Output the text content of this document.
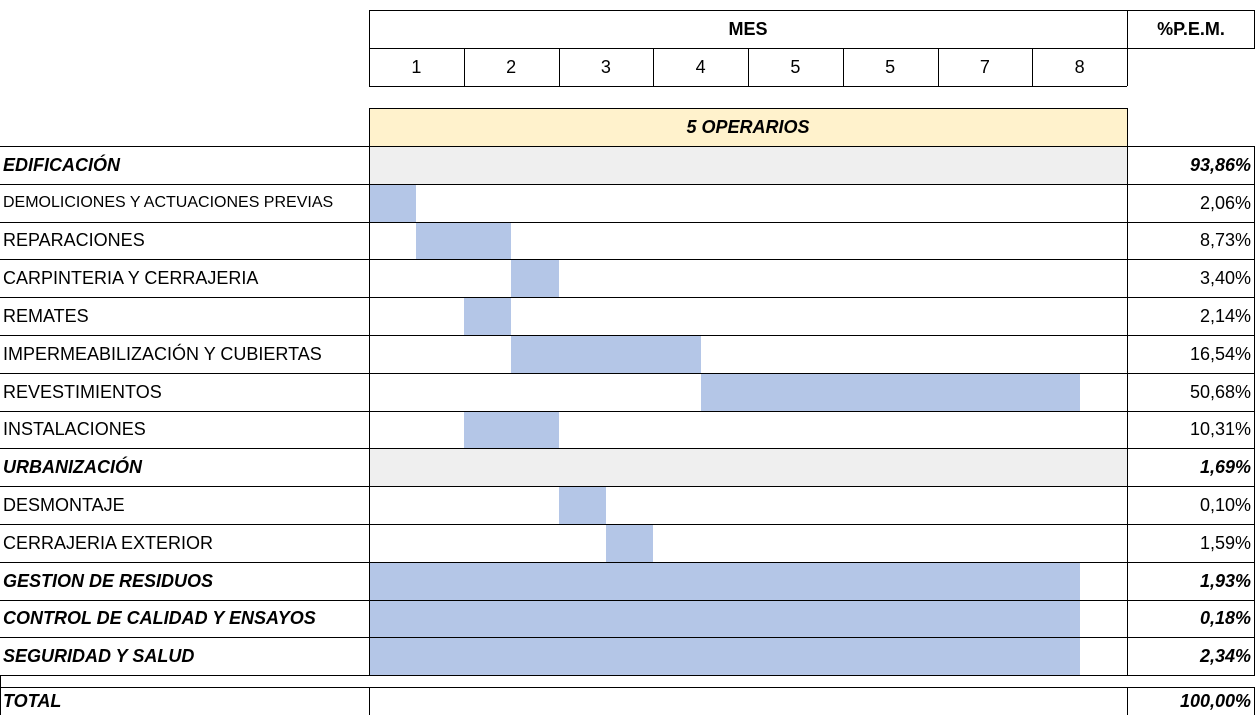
MES	%P.E.M.
1	2	3	4	5	5	7	8
5 OPERARIOS
EDIFICACIÓN	93,86%
DEMOLICIONES Y ACTUACIONES PREVIAS	2,06%
REPARACIONES	8,73%
CARPINTERIA Y CERRAJERIA	3,40%
REMATES	2,14%
IMPERMEABILIZACIÓN Y CUBIERTAS	16,54%
REVESTIMIENTOS	50,68%
INSTALACIONES	10,31%
URBANIZACIÓN	1,69%
DESMONTAJE	0,10%
CERRAJERIA EXTERIOR	1,59%
GESTION DE RESIDUOS	1,93%
CONTROL DE CALIDAD Y ENSAYOS	0,18%
SEGURIDAD Y SALUD	2,34%
TOTAL	100,00%
